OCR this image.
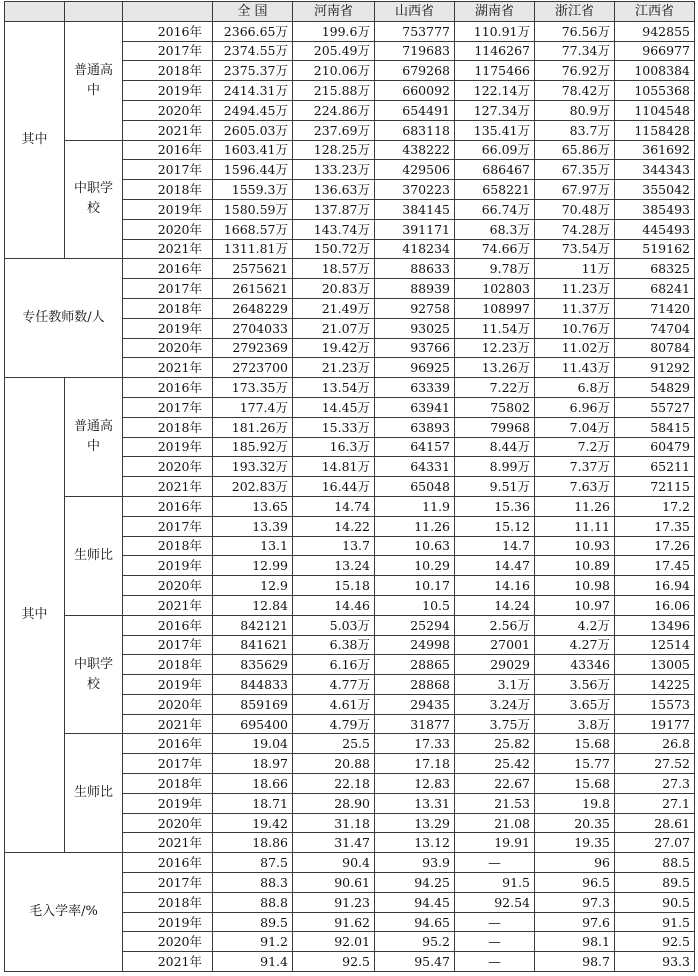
			全 国	河南省	山西省	湖南省	浙江省	江西省
其中	普通高中	2016年	2366.65万	199.6万	753777	110.91万	76.56万	942855
		2017年	2374.55万	205.49万	719683	1146267	77.34万	966977
		2018年	2375.37万	210.06万	679268	1175466	76.92万	1008384
		2019年	2414.31万	215.88万	660092	122.14万	78.42万	1055368
		2020年	2494.45万	224.86万	654491	127.34万	80.9万	1104548
		2021年	2605.03万	237.69万	683118	135.41万	83.7万	1158428
	中职学校	2016年	1603.41万	128.25万	438222	66.09万	65.86万	361692
		2017年	1596.44万	133.23万	429506	686467	67.35万	344343
		2018年	1559.3万	136.63万	370223	658221	67.97万	355042
		2019年	1580.59万	137.87万	384145	66.74万	70.48万	385493
		2020年	1668.57万	143.74万	391171	68.3万	74.28万	445493
		2021年	1311.81万	150.72万	418234	74.66万	73.54万	519162
专任教师数/人		2016年	2575621	18.57万	88633	9.78万	11万	68325
		2017年	2615621	20.83万	88939	102803	11.23万	68241
		2018年	2648229	21.49万	92758	108997	11.37万	71420
		2019年	2704033	21.07万	93025	11.54万	10.76万	74704
		2020年	2792369	19.42万	93766	12.23万	11.02万	80784
		2021年	2723700	21.23万	96925	13.26万	11.43万	91292
其中	普通高中	2016年	173.35万	13.54万	63339	7.22万	6.8万	54829
		2017年	177.4万	14.45万	63941	75802	6.96万	55727
		2018年	181.26万	15.33万	63893	79968	7.04万	58415
		2019年	185.92万	16.3万	64157	8.44万	7.2万	60479
		2020年	193.32万	14.81万	64331	8.99万	7.37万	65211
		2021年	202.83万	16.44万	65048	9.51万	7.63万	72115
	生师比	2016年	13.65	14.74	11.9	15.36	11.26	17.2
		2017年	13.39	14.22	11.26	15.12	11.11	17.35
		2018年	13.1	13.7	10.63	14.7	10.93	17.26
		2019年	12.99	13.24	10.29	14.47	10.89	17.45
		2020年	12.9	15.18	10.17	14.16	10.98	16.94
		2021年	12.84	14.46	10.5	14.24	10.97	16.06
	中职学校	2016年	842121	5.03万	25294	2.56万	4.2万	13496
		2017年	841621	6.38万	24998	27001	4.27万	12514
		2018年	835629	6.16万	28865	29029	43346	13005
		2019年	844833	4.77万	28868	3.1万	3.56万	14225
		2020年	859169	4.61万	29435	3.24万	3.65万	15573
		2021年	695400	4.79万	31877	3.75万	3.8万	19177
	生师比	2016年	19.04	25.5	17.33	25.82	15.68	26.8
		2017年	18.97	20.88	17.18	25.42	15.77	27.52
		2018年	18.66	22.18	12.83	22.67	15.68	27.3
		2019年	18.71	28.90	13.31	21.53	19.8	27.1
		2020年	19.42	31.18	13.29	21.08	20.35	28.61
		2021年	18.86	31.47	13.12	19.91	19.35	27.07
毛入学率/%		2016年	87.5	90.4	93.9	—	96	88.5
		2017年	88.3	90.61	94.25	91.5	96.5	89.5
		2018年	88.8	91.23	94.45	92.54	97.3	90.5
		2019年	89.5	91.62	94.65	—	97.6	91.5
		2020年	91.2	92.01	95.2	—	98.1	92.5
		2021年	91.4	92.5	95.47	—	98.7	93.3
